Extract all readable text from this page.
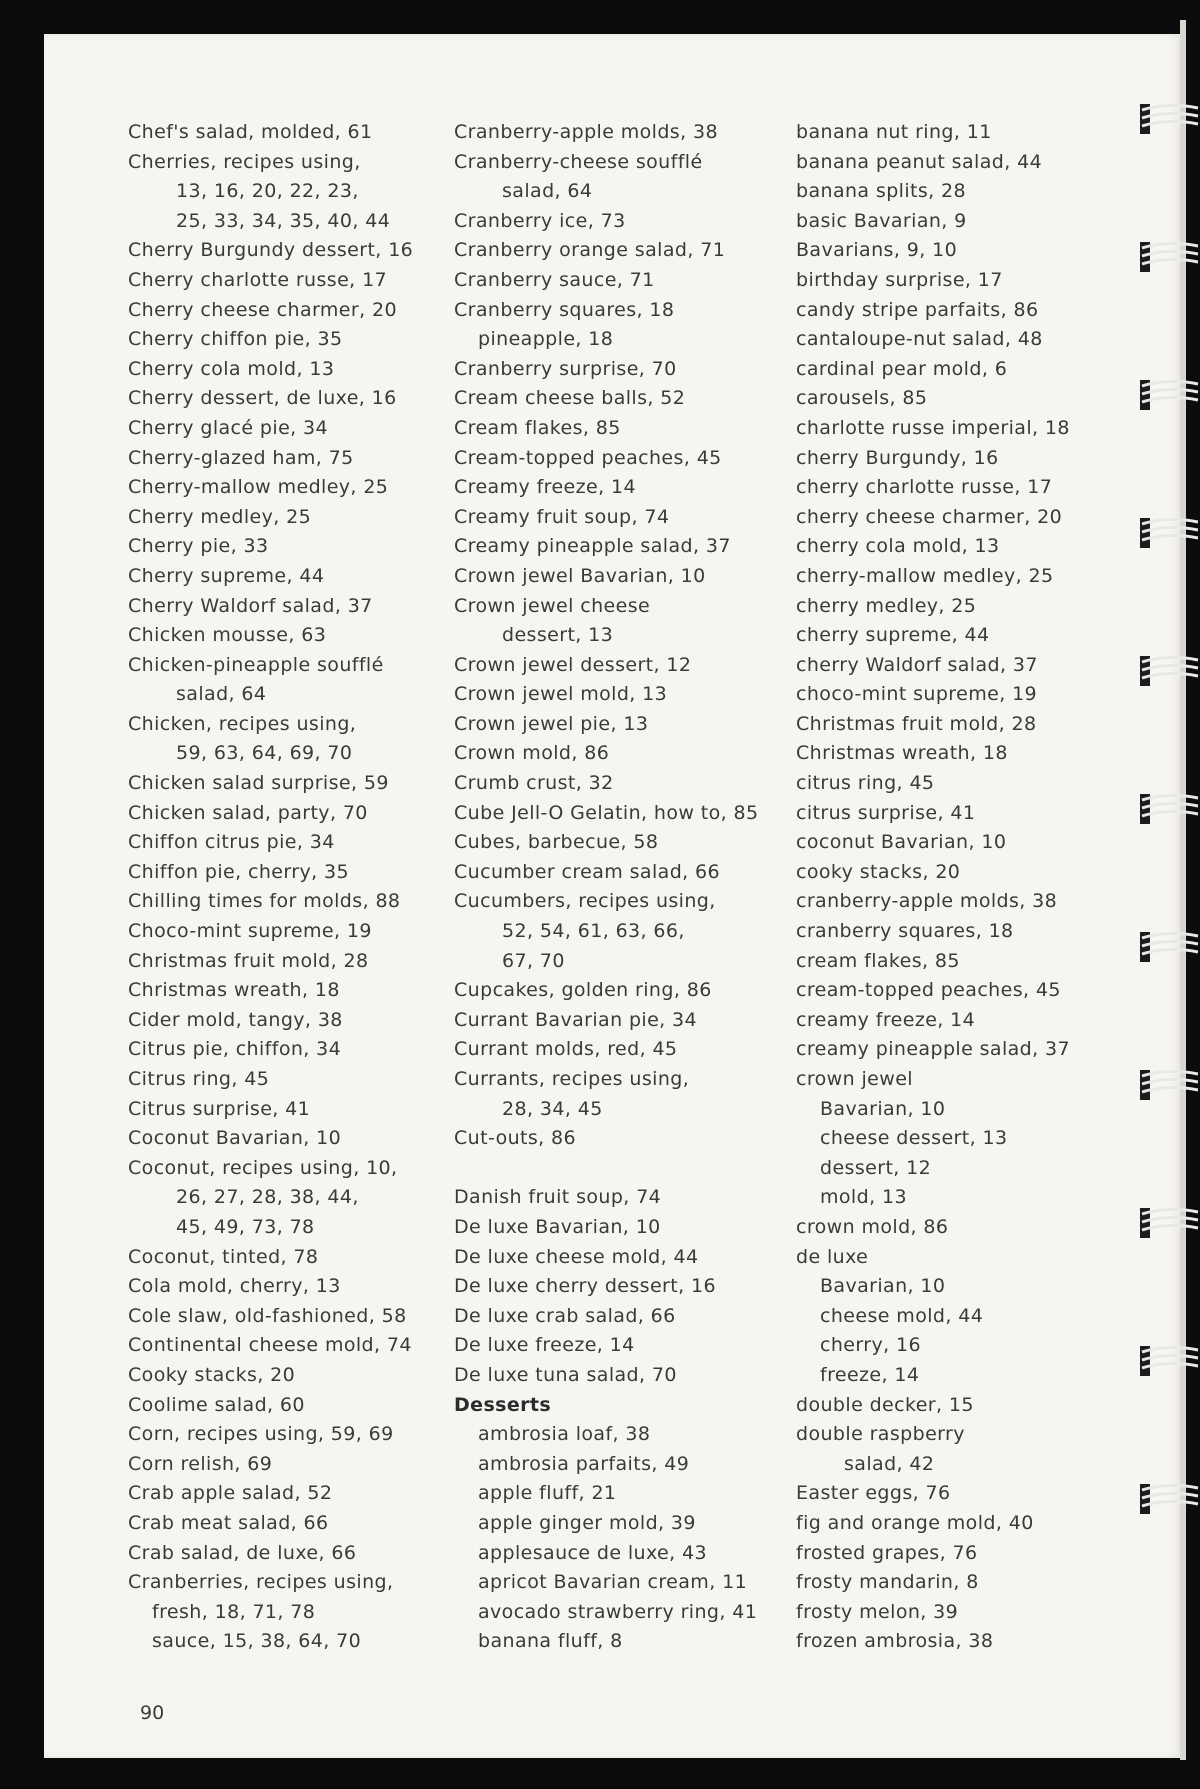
Chef's salad, molded, 61
Cherries, recipes using,
13, 16, 20, 22, 23,
25, 33, 34, 35, 40, 44
Cherry Burgundy dessert, 16
Cherry charlotte russe, 17
Cherry cheese charmer, 20
Cherry chiffon pie, 35
Cherry cola mold, 13
Cherry dessert, de luxe, 16
Cherry glacé pie, 34
Cherry-glazed ham, 75
Cherry-mallow medley, 25
Cherry medley, 25
Cherry pie, 33
Cherry supreme, 44
Cherry Waldorf salad, 37
Chicken mousse, 63
Chicken-pineapple soufflé
salad, 64
Chicken, recipes using,
59, 63, 64, 69, 70
Chicken salad surprise, 59
Chicken salad, party, 70
Chiffon citrus pie, 34
Chiffon pie, cherry, 35
Chilling times for molds, 88
Choco-mint supreme, 19
Christmas fruit mold, 28
Christmas wreath, 18
Cider mold, tangy, 38
Citrus pie, chiffon, 34
Citrus ring, 45
Citrus surprise, 41
Coconut Bavarian, 10
Coconut, recipes using, 10,
26, 27, 28, 38, 44,
45, 49, 73, 78
Coconut, tinted, 78
Cola mold, cherry, 13
Cole slaw, old-fashioned, 58
Continental cheese mold, 74
Cooky stacks, 20
Coolime salad, 60
Corn, recipes using, 59, 69
Corn relish, 69
Crab apple salad, 52
Crab meat salad, 66
Crab salad, de luxe, 66
Cranberries, recipes using,
fresh, 18, 71, 78
sauce, 15, 38, 64, 70
Cranberry-apple molds, 38
Cranberry-cheese soufflé
salad, 64
Cranberry ice, 73
Cranberry orange salad, 71
Cranberry sauce, 71
Cranberry squares, 18
pineapple, 18
Cranberry surprise, 70
Cream cheese balls, 52
Cream flakes, 85
Cream-topped peaches, 45
Creamy freeze, 14
Creamy fruit soup, 74
Creamy pineapple salad, 37
Crown jewel Bavarian, 10
Crown jewel cheese
dessert, 13
Crown jewel dessert, 12
Crown jewel mold, 13
Crown jewel pie, 13
Crown mold, 86
Crumb crust, 32
Cube Jell-O Gelatin, how to, 85
Cubes, barbecue, 58
Cucumber cream salad, 66
Cucumbers, recipes using,
52, 54, 61, 63, 66,
67, 70
Cupcakes, golden ring, 86
Currant Bavarian pie, 34
Currant molds, red, 45
Currants, recipes using,
28, 34, 45
Cut-outs, 86
Danish fruit soup, 74
De luxe Bavarian, 10
De luxe cheese mold, 44
De luxe cherry dessert, 16
De luxe crab salad, 66
De luxe freeze, 14
De luxe tuna salad, 70
Desserts
ambrosia loaf, 38
ambrosia parfaits, 49
apple fluff, 21
apple ginger mold, 39
applesauce de luxe, 43
apricot Bavarian cream, 11
avocado strawberry ring, 41
banana fluff, 8
banana nut ring, 11
banana peanut salad, 44
banana splits, 28
basic Bavarian, 9
Bavarians, 9, 10
birthday surprise, 17
candy stripe parfaits, 86
cantaloupe-nut salad, 48
cardinal pear mold, 6
carousels, 85
charlotte russe imperial, 18
cherry Burgundy, 16
cherry charlotte russe, 17
cherry cheese charmer, 20
cherry cola mold, 13
cherry-mallow medley, 25
cherry medley, 25
cherry supreme, 44
cherry Waldorf salad, 37
choco-mint supreme, 19
Christmas fruit mold, 28
Christmas wreath, 18
citrus ring, 45
citrus surprise, 41
coconut Bavarian, 10
cooky stacks, 20
cranberry-apple molds, 38
cranberry squares, 18
cream flakes, 85
cream-topped peaches, 45
creamy freeze, 14
creamy pineapple salad, 37
crown jewel
Bavarian, 10
cheese dessert, 13
dessert, 12
mold, 13
crown mold, 86
de luxe
Bavarian, 10
cheese mold, 44
cherry, 16
freeze, 14
double decker, 15
double raspberry
salad, 42
Easter eggs, 76
fig and orange mold, 40
frosted grapes, 76
frosty mandarin, 8
frosty melon, 39
frozen ambrosia, 38
90
